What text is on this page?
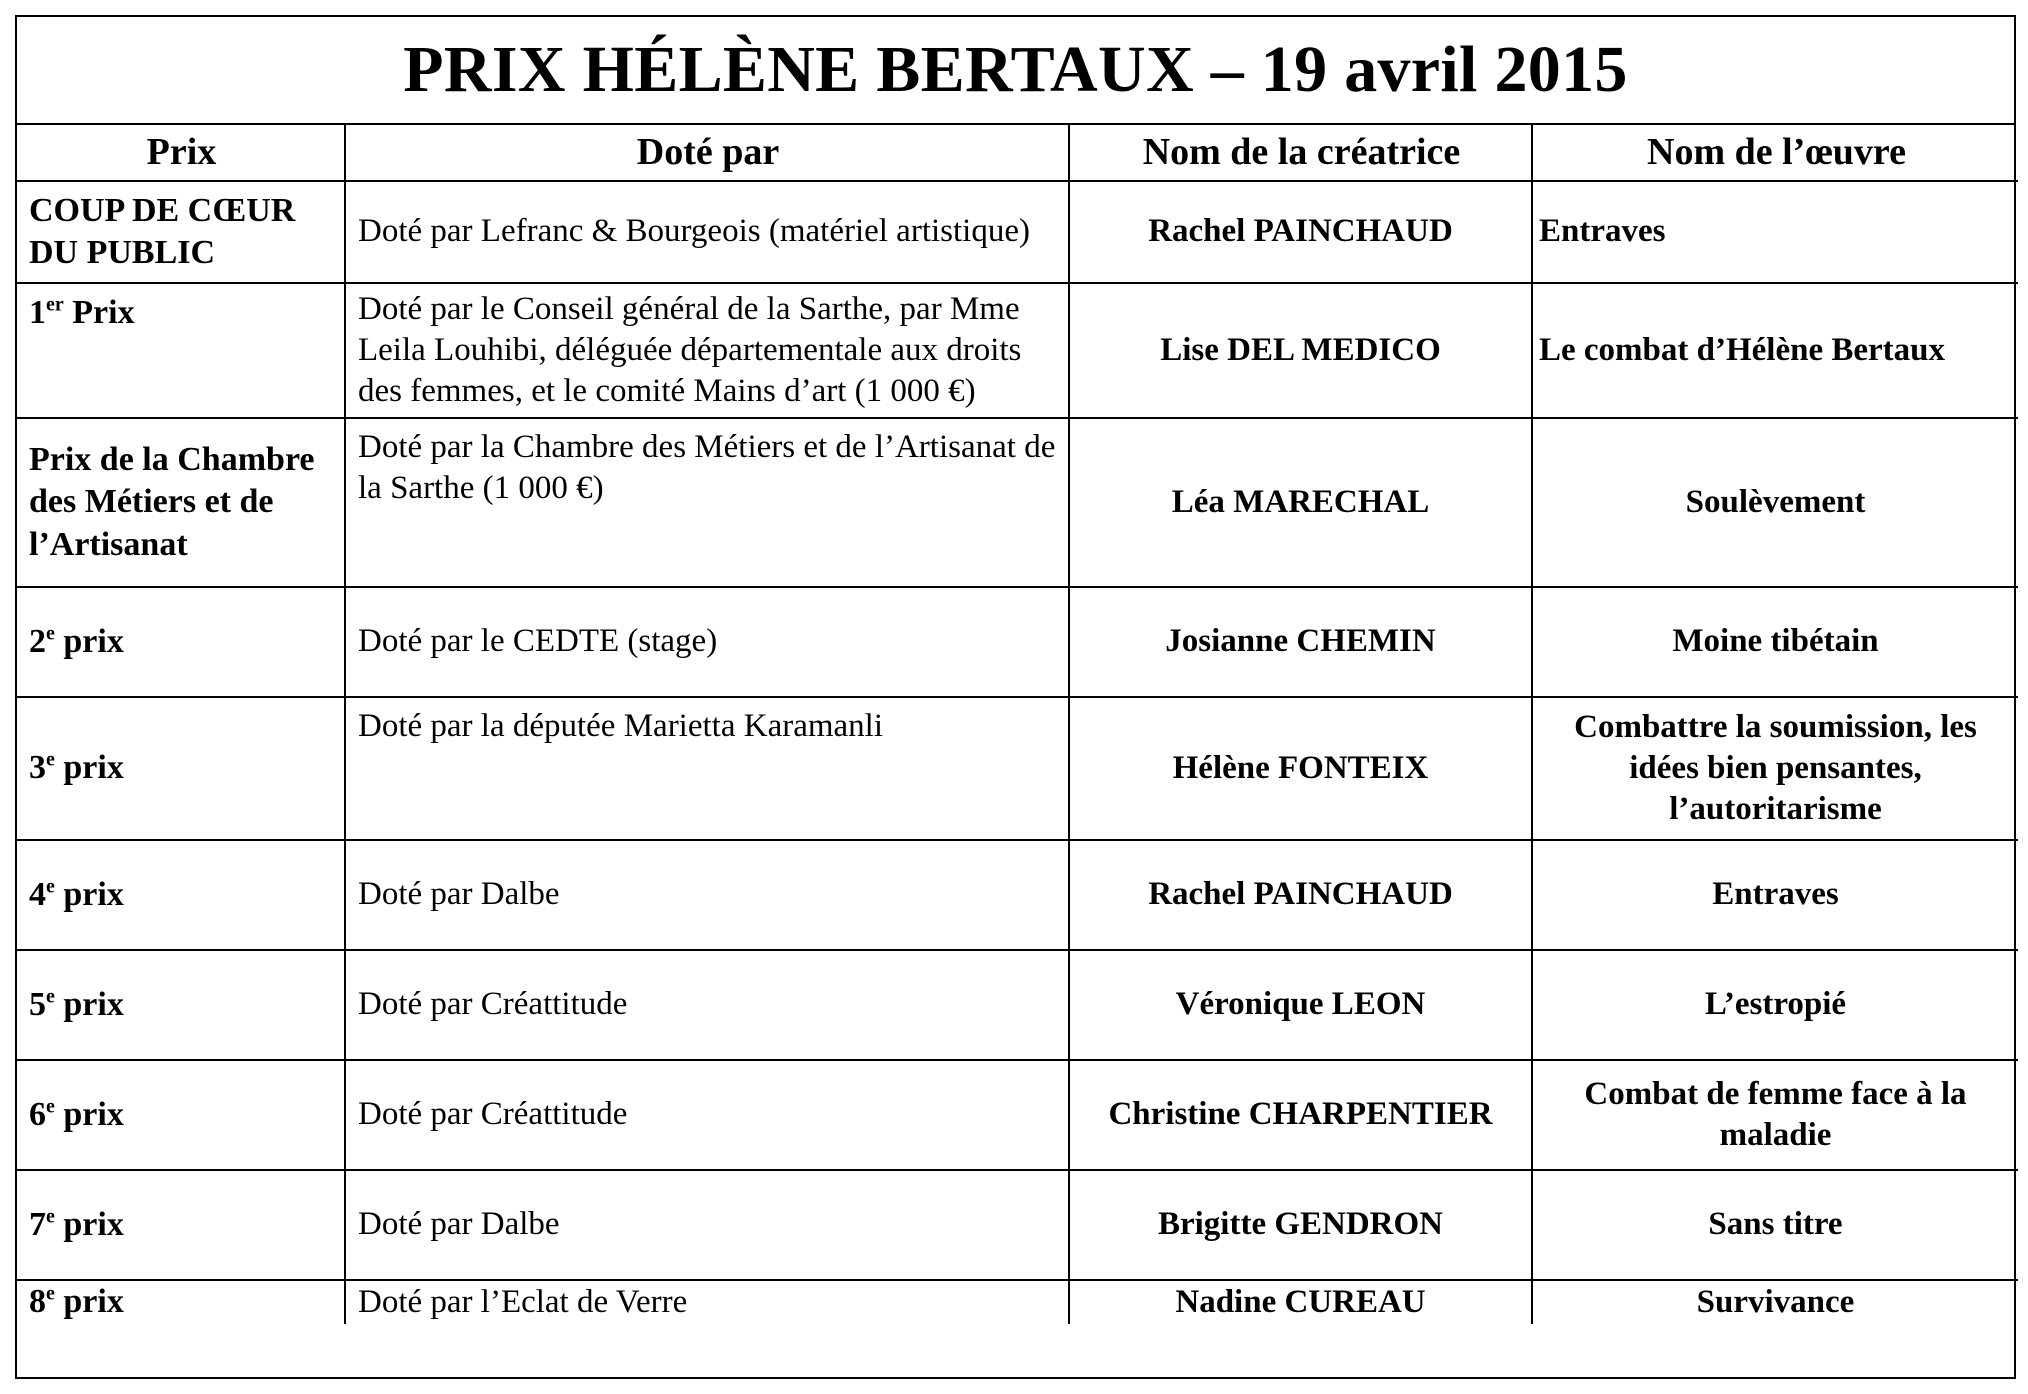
PRIX HÉLÈNE BERTAUX – 19 avril 2015
Prix	Doté par	Nom de la créatrice	Nom de l’œuvre
COUP DE CŒUR DU PUBLIC	Doté par Lefranc & Bourgeois (matériel artistique)	Rachel PAINCHAUD	Entraves
1er Prix	Doté par le Conseil général de la Sarthe, par Mme Leila Louhibi, déléguée départementale aux droits des femmes, et le comité Mains d’art (1 000 €)	Lise DEL MEDICO	Le combat d’Hélène Bertaux
Prix de la Chambre des Métiers et de l’Artisanat	Doté par la Chambre des Métiers et de l’Artisanat de la Sarthe (1 000 €)	Léa MARECHAL	Soulèvement
2e prix	Doté par le CEDTE (stage)	Josianne CHEMIN	Moine tibétain
3e prix	Doté par la députée Marietta Karamanli	Hélène FONTEIX	Combattre la soumission, les idées bien pensantes, l’autoritarisme
4e prix	Doté par Dalbe	Rachel PAINCHAUD	Entraves
5e prix	Doté par Créattitude	Véronique LEON	L’estropié
6e prix	Doté par Créattitude	Christine CHARPENTIER	Combat de femme face à la maladie
7e prix	Doté par Dalbe	Brigitte GENDRON	Sans titre
8e prix	Doté par l’Eclat de Verre	Nadine CUREAU	Survivance
